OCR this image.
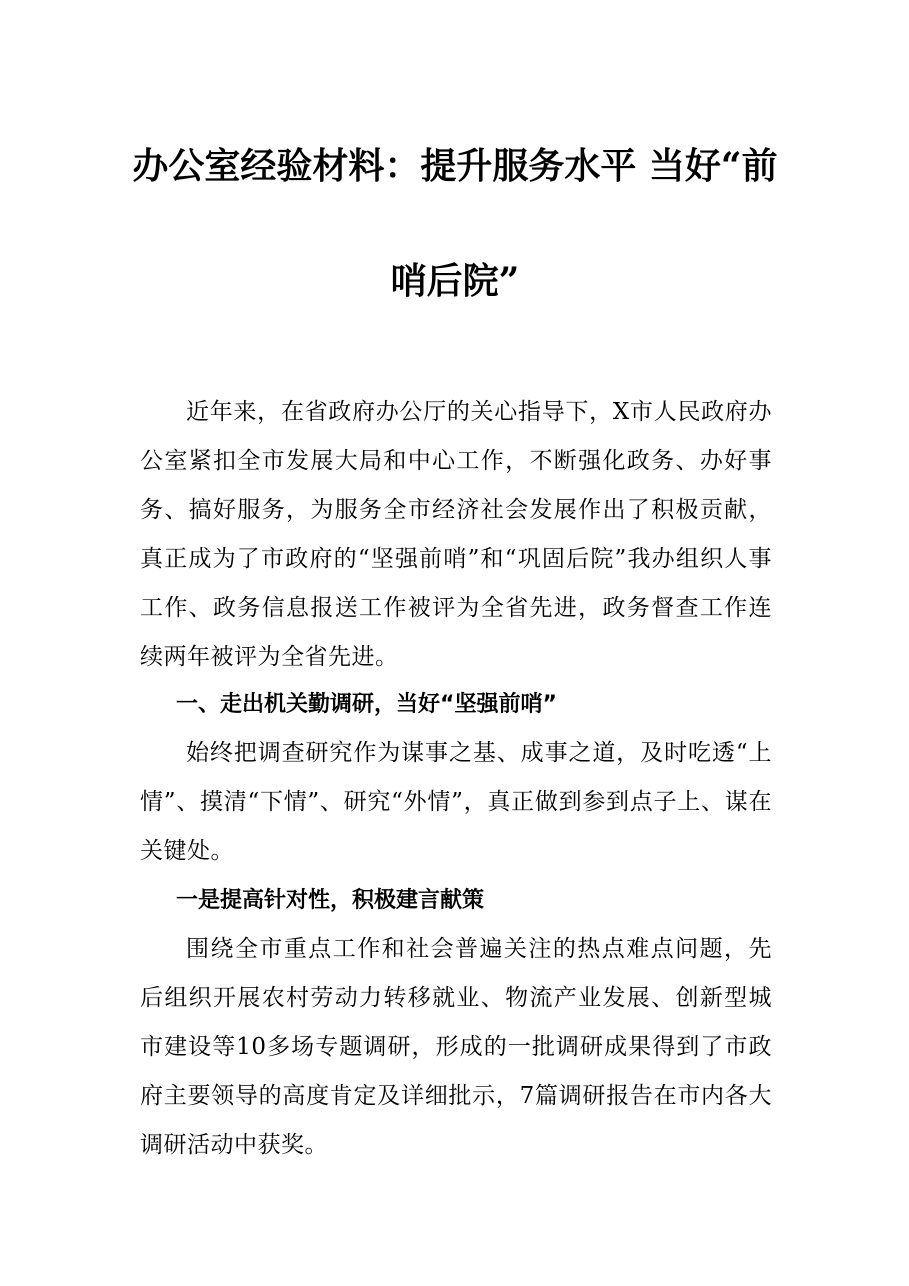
办公室经验材料：提升服务水平 当好“前
哨后院”

近年来，在省政府办公厅的关心指导下，X市人民政府办公室紧扣全市发展大局和中心工作，不断强化政务、办好事务、搞好服务，为服务全市经济社会发展作出了积极贡献，真正成为了市政府的“坚强前哨”和“巩固后院”我办组织人事工作、政务信息报送工作被评为全省先进，政务督查工作连续两年被评为全省先进。

一、走出机关勤调研，当好“坚强前哨”

始终把调查研究作为谋事之基、成事之道，及时吃透“上情”、摸清“下情”、研究“外情”，真正做到参到点子上、谋在关键处。

一是提高针对性，积极建言献策

围绕全市重点工作和社会普遍关注的热点难点问题，先后组织开展农村劳动力转移就业、物流产业发展、创新型城市建设等10多场专题调研，形成的一批调研成果得到了市政府主要领导的高度肯定及详细批示，7篇调研报告在市内各大调研活动中获奖。
